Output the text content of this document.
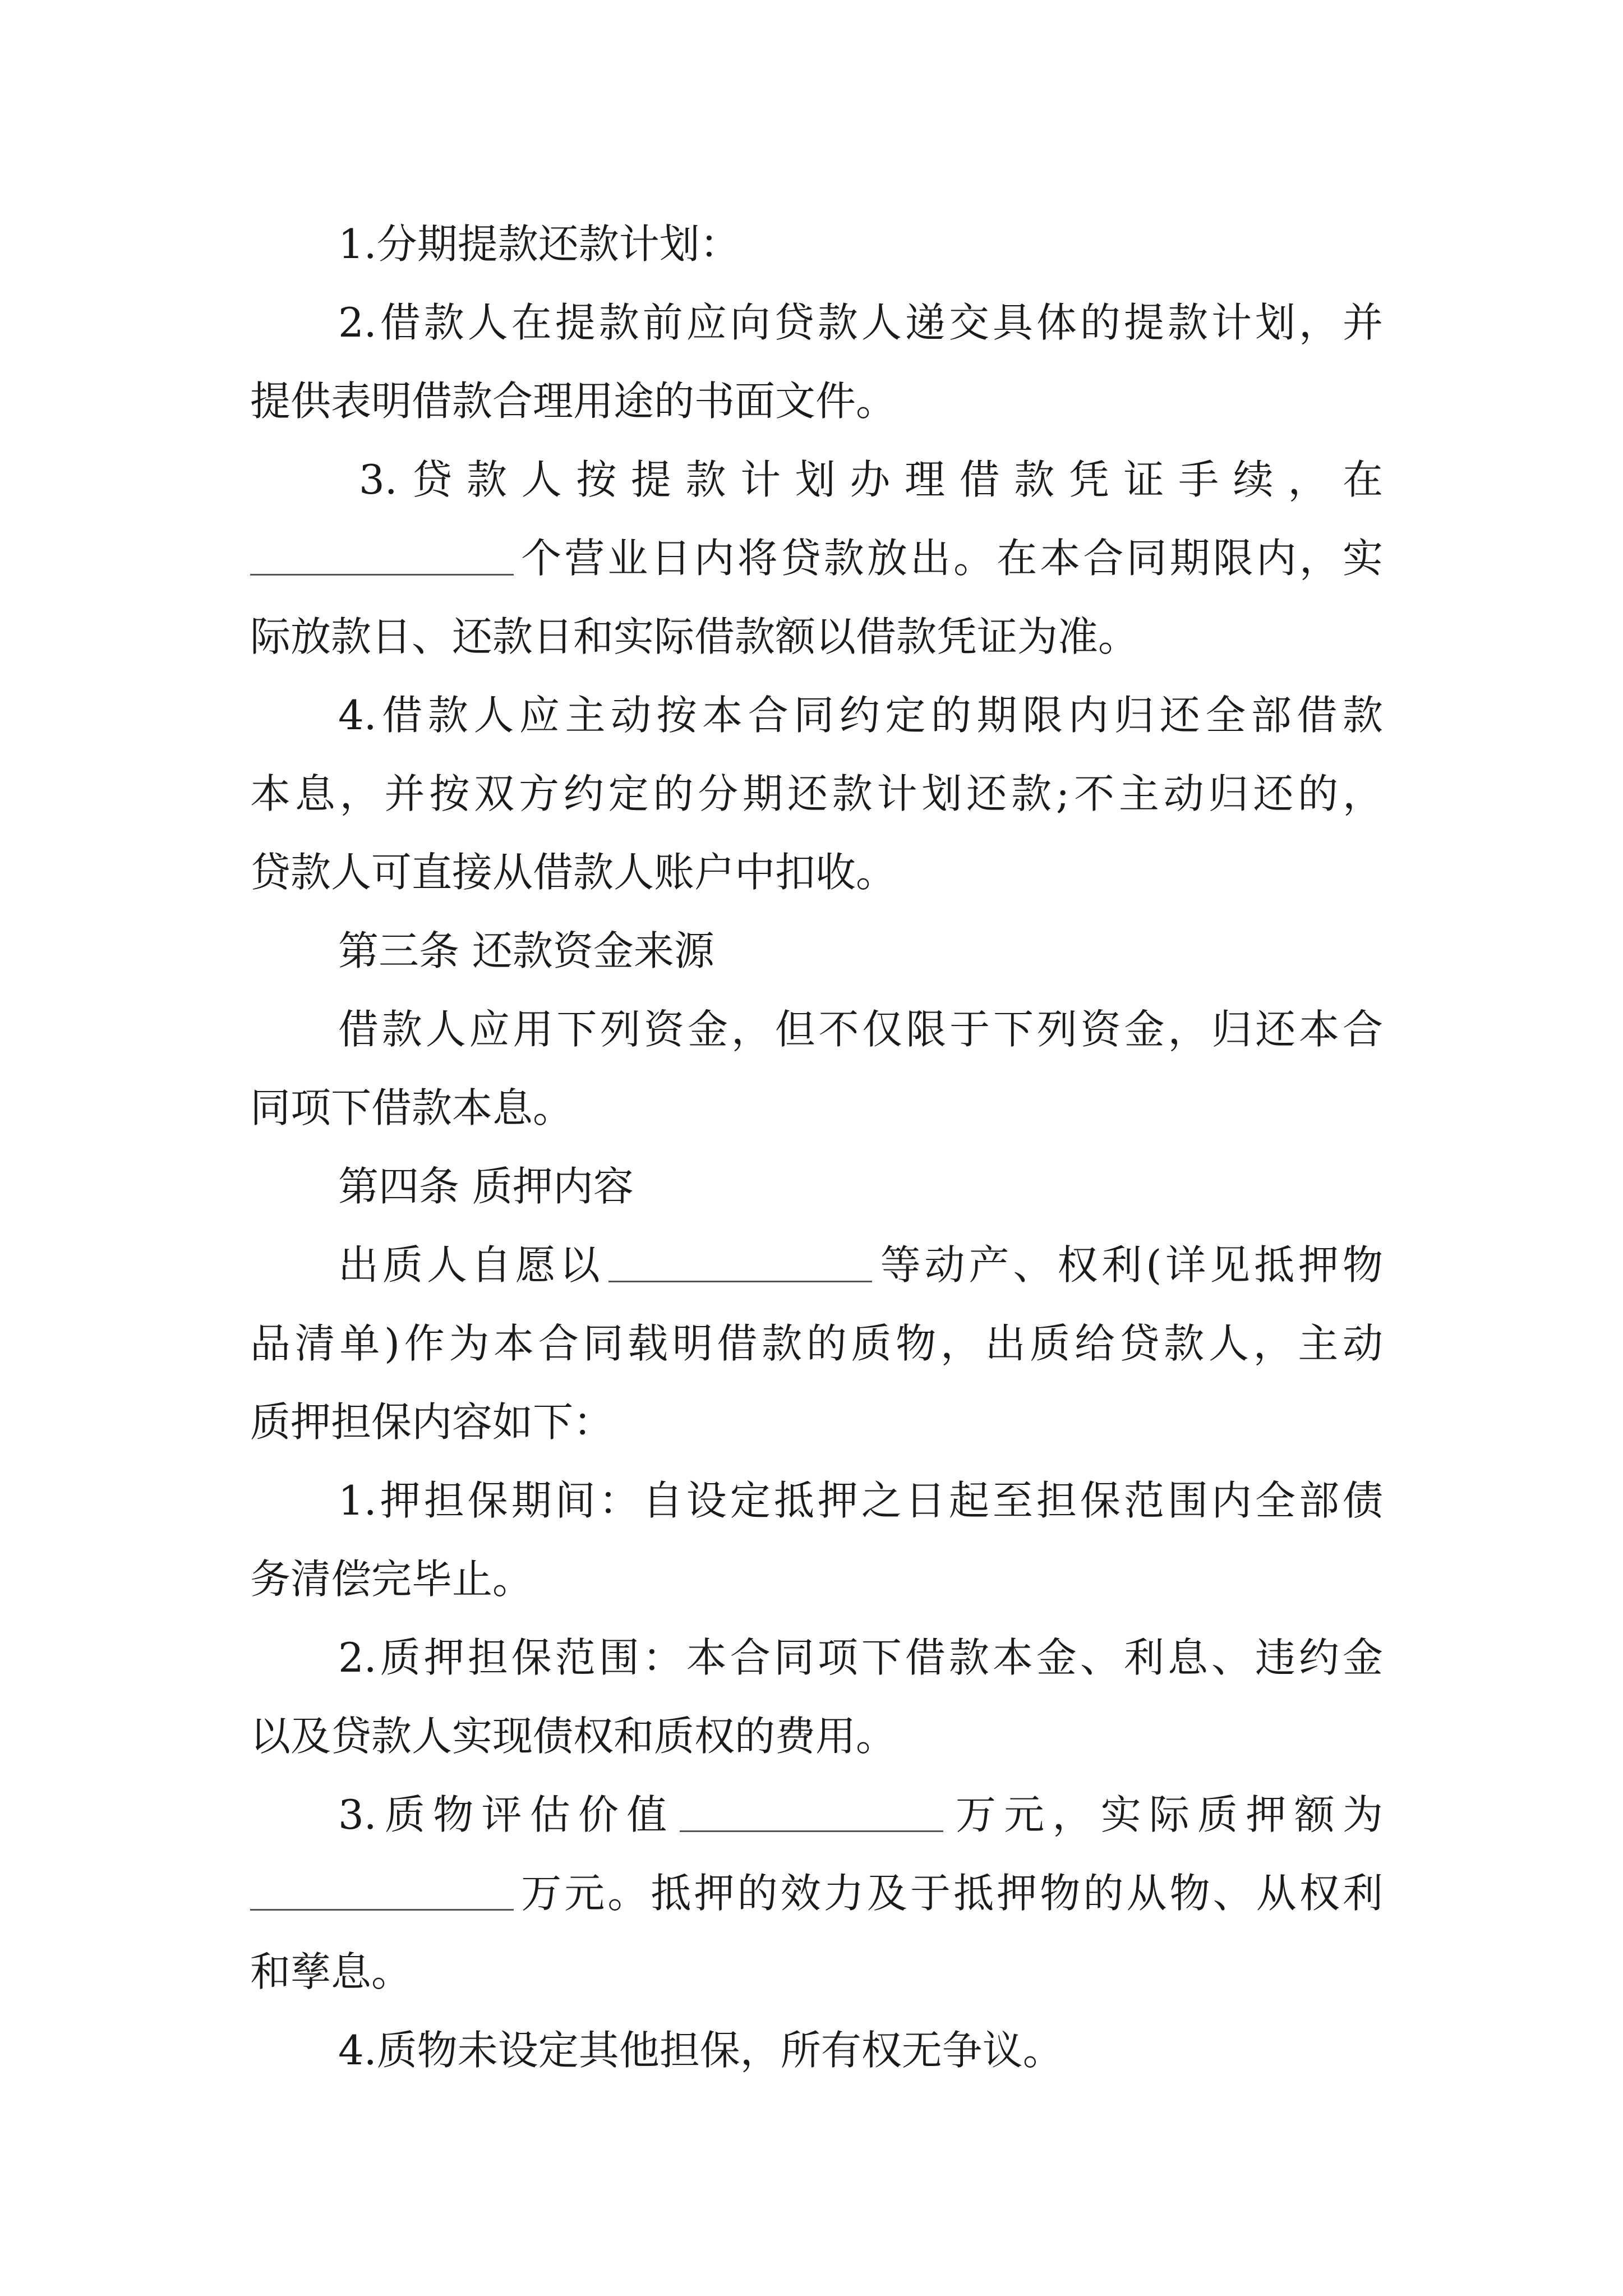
1.分期提款还款计划：
2.借款人在提款前应向贷款人递交具体的提款计划，并
提供表明借款合理用途的书面文件。
3.贷款人按提款计划办理借款凭证手续，在
个营业日内将贷款放出。在本合同期限内，实
际放款日、还款日和实际借款额以借款凭证为准。
4.借款人应主动按本合同约定的期限内归还全部借款
本息，并按双方约定的分期还款计划还款;不主动归还的，
贷款人可直接从借款人账户中扣收。
第三条 还款资金来源
借款人应用下列资金，但不仅限于下列资金，归还本合
同项下借款本息。
第四条 质押内容
出质人自愿以	等动产、权利(详见抵押物
品清单)作为本合同载明借款的质物，出质给贷款人，主动
质押担保内容如下：
1.押担保期间：自设定抵押之日起至担保范围内全部债
务清偿完毕止。
2.质押担保范围：本合同项下借款本金、利息、违约金
以及贷款人实现债权和质权的费用。
3.质物评估价值	万元，实际质押额为
万元。抵押的效力及于抵押物的从物、从权利
和孳息。
4.质物未设定其他担保，所有权无争议。
